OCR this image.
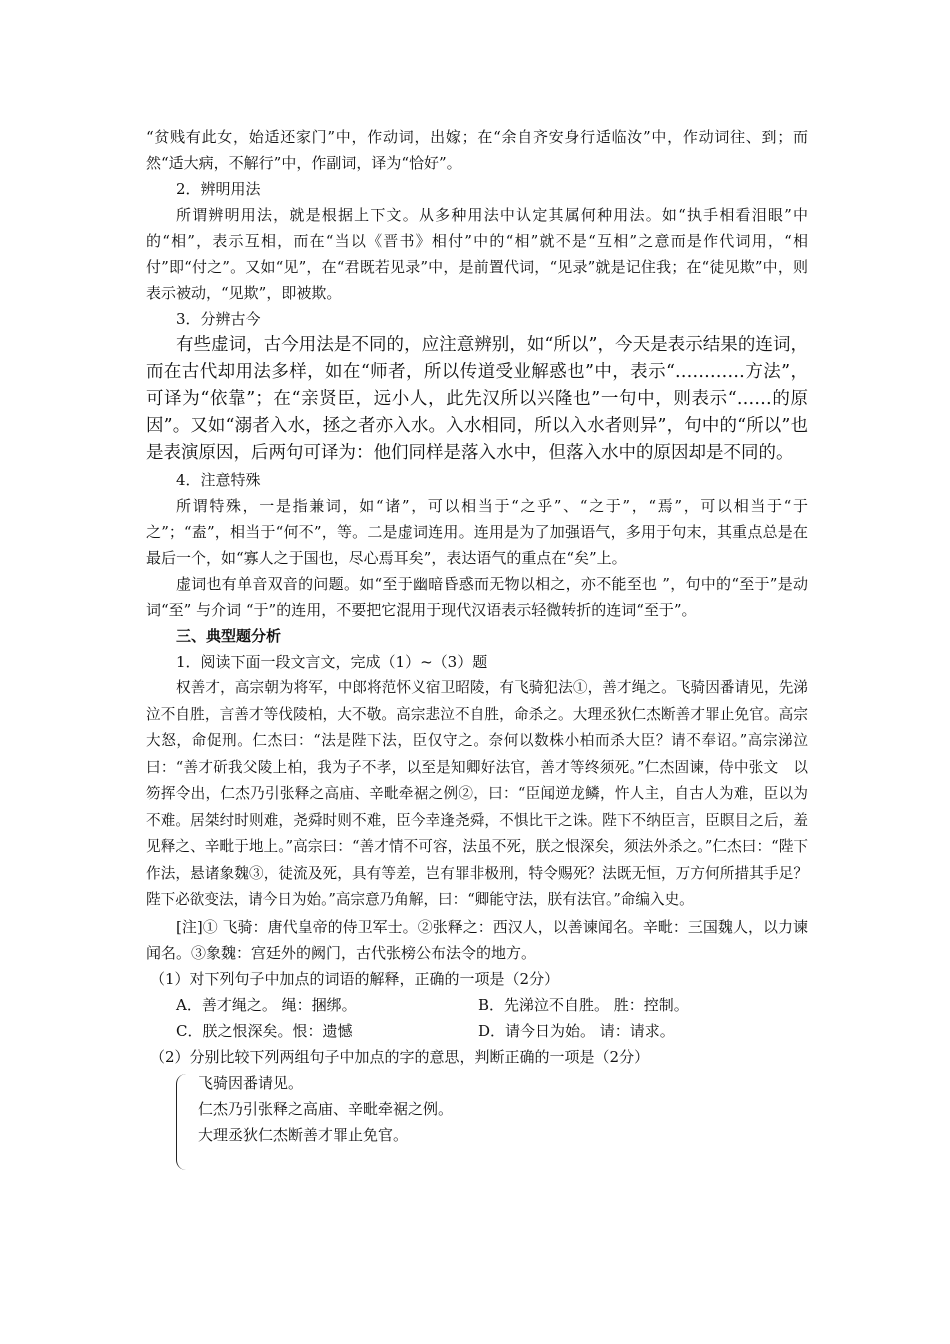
“贫贱有此女，始适还家门”中，作动词，出嫁；在“余自齐安身行适临汝”中，作动词往、到；而然“适大病，不解行”中，作副词，译为“恰好”。

2．辨明用法

所谓辨明用法，就是根据上下文。从多种用法中认定其属何种用法。如“执手相看泪眼”中的“相”，表示互相，而在“当以《晋书》相付”中的“相”就不是“互相”之意而是作代词用，“相付”即“付之”。又如“见”，在“君既若见录”中，是前置代词，“见录”就是记住我；在“徒见欺”中，则表示被动，“见欺”，即被欺。

3．分辨古今

有些虚词，古今用法是不同的，应注意辨别，如“所以”，今天是表示结果的连词，而在古代却用法多样，如在“师者，所以传道受业解惑也”中，表示“…………方法”，可译为“依靠”；在“亲贤臣，远小人，此先汉所以兴隆也”一句中，则表示“……的原因”。又如“溺者入水，拯之者亦入水。入水相同，所以入水者则异”，句中的“所以”也是表演原因，后两句可译为：他们同样是落入水中，但落入水中的原因却是不同的。

4．注意特殊

所谓特殊，一是指兼词，如“诸”，可以相当于“之乎”、“之于”，“焉”，可以相当于“于之”；“盍”，相当于“何不”，等。二是虚词连用。连用是为了加强语气，多用于句末，其重点总是在最后一个，如“寡人之于国也，尽心焉耳矣”，表达语气的重点在“矣”上。

虚词也有单音双音的问题。如“至于幽暗昏惑而无物以相之，亦不能至也 ”，句中的“至于”是动词“至” 与介词 “于”的连用，不要把它混用于现代汉语表示轻微转折的连词“至于”。

三、典型题分析

1．阅读下面一段文言文，完成（1）~（3）题

权善才，高宗朝为将军，中郎将范怀义宿卫昭陵，有飞骑犯法①，善才绳之。飞骑因番请见，先涕泣不自胜，言善才等伐陵柏，大不敬。高宗悲泣不自胜，命杀之。大理丞狄仁杰断善才罪止免官。高宗大怒，命促刑。仁杰曰：“法是陛下法，臣仅守之。奈何以数株小柏而杀大臣？请不奉诏。”高宗涕泣曰：“善才斫我父陵上柏，我为子不孝，以至是知卿好法官，善才等终须死。”仁杰固谏，侍中张文　以笏挥令出，仁杰乃引张释之高庙、辛毗牵裾之例②，曰：“臣闻逆龙鳞，忤人主，自古人为难，臣以为不难。居桀纣时则难，尧舜时则不难，臣今幸逢尧舜，不惧比干之诛。陛下不纳臣言，臣瞑目之后，羞见释之、辛毗于地上。”高宗曰：“善才情不可容，法虽不死，朕之恨深矣，须法外杀之。”仁杰曰：“陛下作法，悬诸象魏③，徒流及死，具有等差，岂有罪非极刑，特令赐死？法既无恒，万方何所措其手足？陛下必欲变法，请今日为始。”高宗意乃角解，曰：“卿能守法，朕有法官。”命编入史。

[注]① 飞骑：唐代皇帝的侍卫军士。②张释之：西汉人，以善谏闻名。辛毗：三国魏人，以力谏闻名。③象魏：宫廷外的阙门，古代张榜公布法令的地方。

（1）对下列句子中加点的词语的解释，正确的一项是（2分）

A．善才绳之。 绳：捆绑。	B．先涕泣不自胜。 胜：控制。
C．朕之恨深矣。恨：遗憾	D．请今日为始。 请：请求。

（2）分别比较下列两组句子中加点的字的意思，判断正确的一项是（2分）

飞骑因番请见。

仁杰乃引张释之高庙、辛毗牵裾之例。

大理丞狄仁杰断善才罪止免官。
